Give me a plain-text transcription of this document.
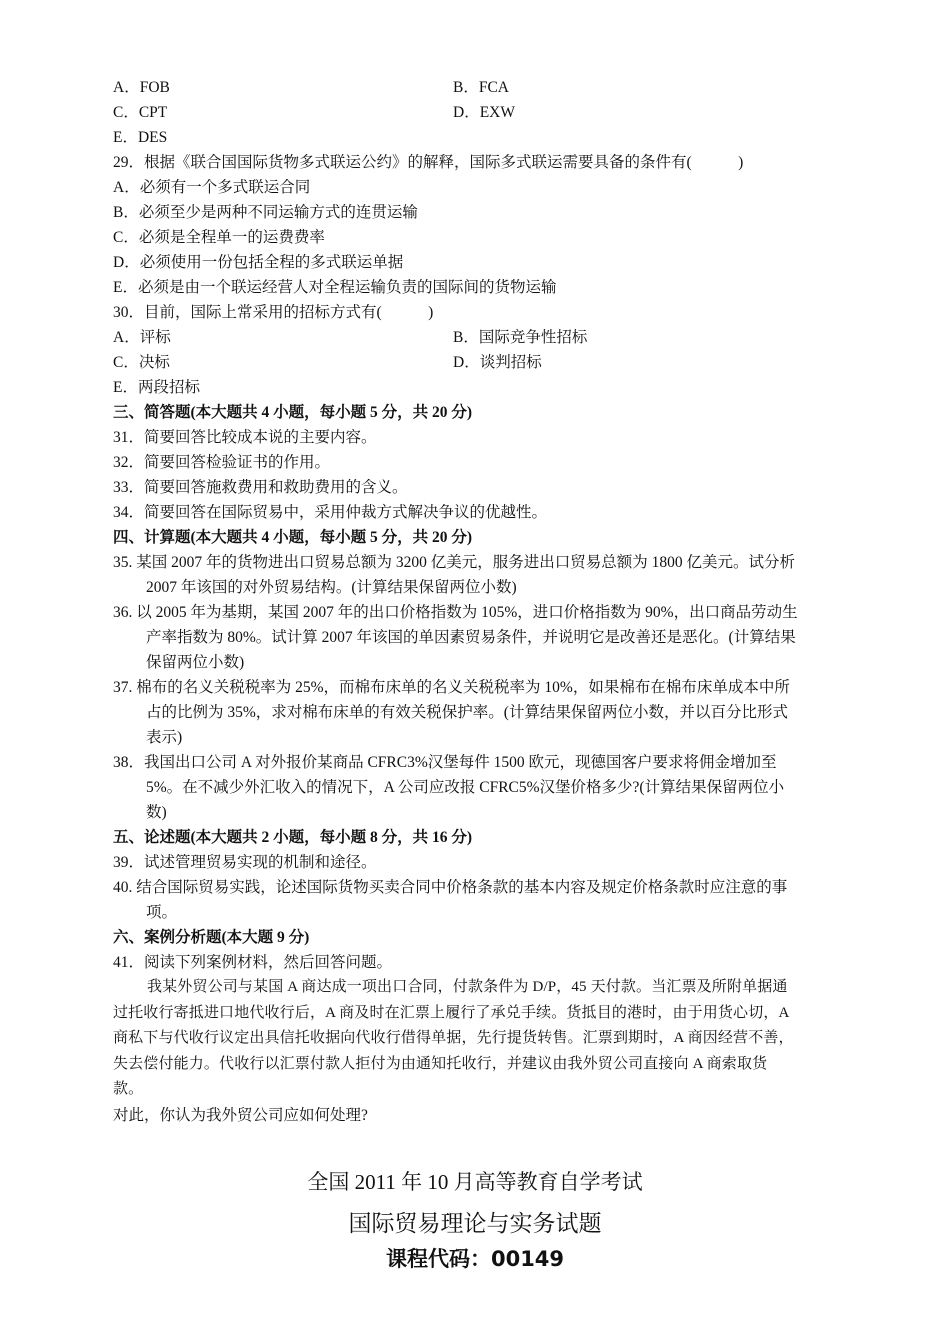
A．FOB	B．FCA
C．CPT	D．EXW
E．DES
29．根据《联合国国际货物多式联运公约》的解释，国际多式联运需要具备的条件有(　　　)
A．必须有一个多式联运合同
B．必须至少是两种不同运输方式的连贯运输
C．必须是全程单一的运费费率
D．必须使用一份包括全程的多式联运单据
E．必须是由一个联运经营人对全程运输负责的国际间的货物运输
30．目前，国际上常采用的招标方式有(　　　)
A．评标	B．国际竞争性招标
C．决标	D．谈判招标
E．两段招标
三、简答题(本大题共 4 小题，每小题 5 分，共 20 分)
31．简要回答比较成本说的主要内容。
32．简要回答检验证书的作用。
33．简要回答施救费用和救助费用的含义。
34．简要回答在国际贸易中，采用仲裁方式解决争议的优越性。
四、计算题(本大题共 4 小题，每小题 5 分，共 20 分)
35. 某国 2007 年的货物进出口贸易总额为 3200 亿美元，服务进出口贸易总额为 1800 亿美元。试分析
2007 年该国的对外贸易结构。(计算结果保留两位小数)
36. 以 2005 年为基期，某国 2007 年的出口价格指数为 105%，进口价格指数为 90%，出口商品劳动生
产率指数为 80%。试计算 2007 年该国的单因素贸易条件，并说明它是改善还是恶化。(计算结果
保留两位小数)
37. 棉布的名义关税税率为 25%，而棉布床单的名义关税税率为 10%，如果棉布在棉布床单成本中所
占的比例为 35%，求对棉布床单的有效关税保护率。(计算结果保留两位小数，并以百分比形式
表示)
38．我国出口公司 A 对外报价某商品 CFRC3%汉堡每件 1500 欧元，现德国客户要求将佣金增加至
5%。在不减少外汇收入的情况下，A 公司应改报 CFRC5%汉堡价格多少?(计算结果保留两位小
数)
五、论述题(本大题共 2 小题，每小题 8 分，共 16 分)
39．试述管理贸易实现的机制和途径。
40. 结合国际贸易实践，论述国际货物买卖合同中价格条款的基本内容及规定价格条款时应注意的事
项。
六、案例分析题(本大题 9 分)
41．阅读下列案例材料，然后回答问题。
我某外贸公司与某国 A 商达成一项出口合同，付款条件为 D/P，45 天付款。当汇票及所附单据通
过托收行寄抵进口地代收行后，A 商及时在汇票上履行了承兑手续。货抵目的港时，由于用货心切，A
商私下与代收行议定出具信托收据向代收行借得单据，先行提货转售。汇票到期时，A 商因经营不善，
失去偿付能力。代收行以汇票付款人拒付为由通知托收行，并建议由我外贸公司直接向 A 商索取货
款。
对此，你认为我外贸公司应如何处理?
全国 2011 年 10 月高等教育自学考试
国际贸易理论与实务试题
课程代码：00149
